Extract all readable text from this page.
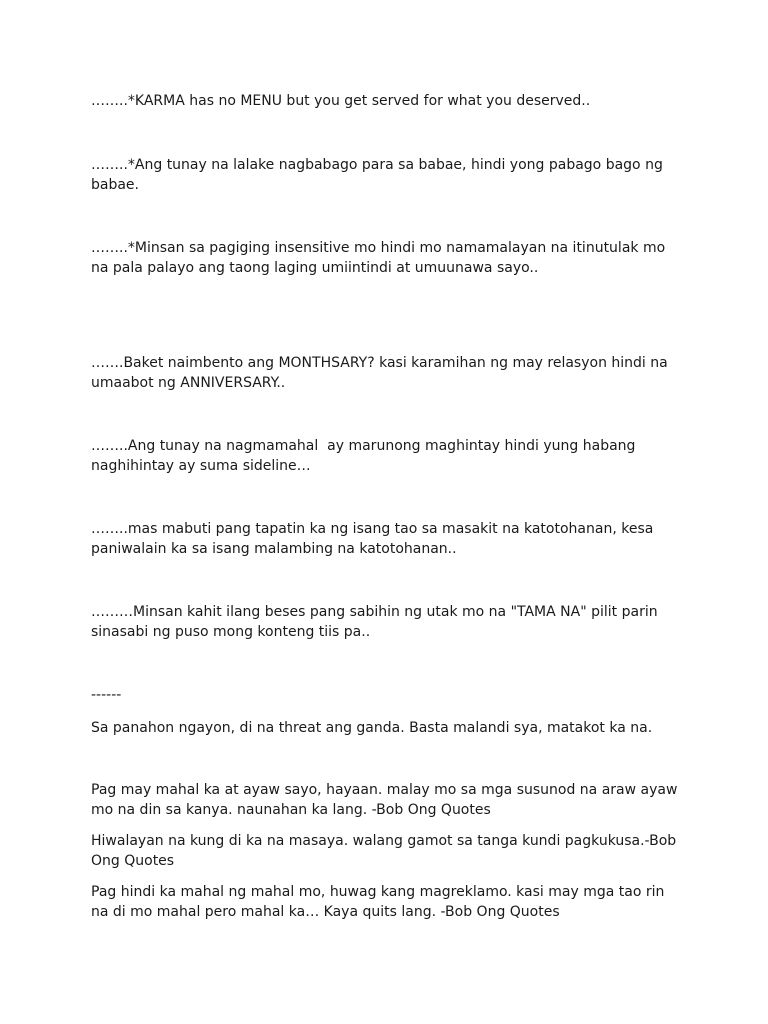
……..*KARMA has no MENU but you get served for what you deserved..

……..*Ang tunay na lalake nagbabago para sa babae, hindi yong pabago bago ng babae.

……..*Minsan sa pagiging insensitive mo hindi mo namamalayan na itinutulak mo na pala palayo ang taong laging umiintindi at umuunawa sayo..

…….Baket naimbento ang MONTHSARY? kasi karamihan ng may relasyon hindi na umaabot ng ANNIVERSARY..

……..Ang tunay na nagmamahal  ay marunong maghintay hindi yung habang naghihintay ay suma sideline…

……..mas mabuti pang tapatin ka ng isang tao sa masakit na katotohanan, kesa paniwalain ka sa isang malambing na katotohanan..

………Minsan kahit ilang beses pang sabihin ng utak mo na "TAMA NA" pilit parin sinasabi ng puso mong konteng tiis pa..

------

Sa panahon ngayon, di na threat ang ganda. Basta malandi sya, matakot ka na.

Pag may mahal ka at ayaw sayo, hayaan. malay mo sa mga susunod na araw ayaw mo na din sa kanya. naunahan ka lang. -Bob Ong Quotes

Hiwalayan na kung di ka na masaya. walang gamot sa tanga kundi pagkukusa.-Bob Ong Quotes

Pag hindi ka mahal ng mahal mo, huwag kang magreklamo. kasi may mga tao rin na di mo mahal pero mahal ka… Kaya quits lang. -Bob Ong Quotes
